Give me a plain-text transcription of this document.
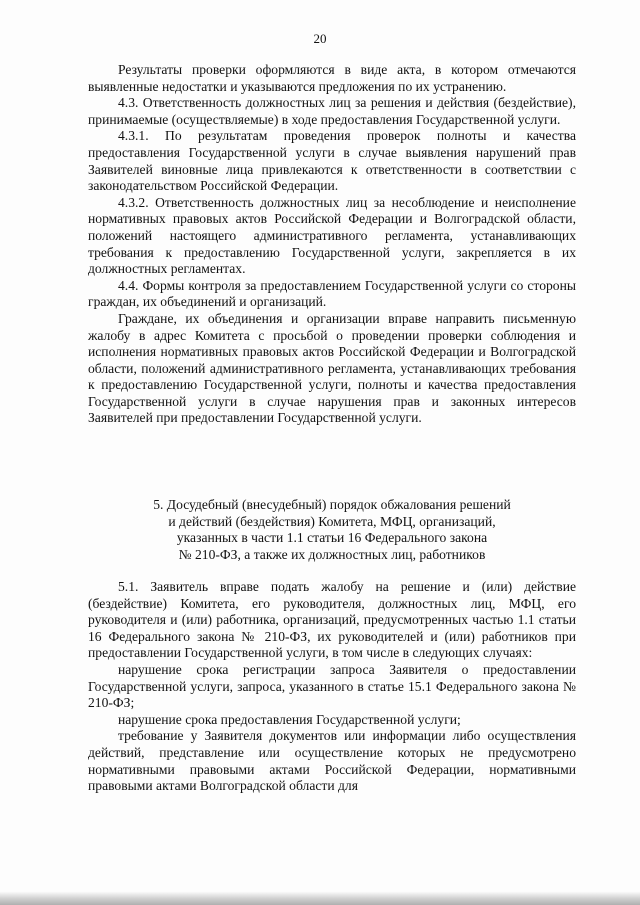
20

Результаты проверки оформляются в виде акта, в котором отмечаются выявленные недостатки и указываются предложения по их устранению.

4.3. Ответственность должностных лиц за решения и действия (бездействие), принимаемые (осуществляемые) в ходе предоставления Государственной услуги.

4.3.1. По результатам проведения проверок полноты и качества предоставления Государственной услуги в случае выявления нарушений прав Заявителей виновные лица привлекаются к ответственности в соответствии с законодательством Российской Федерации.

4.3.2. Ответственность должностных лиц за несоблюдение и неисполнение нормативных правовых актов Российской Федерации и Волгоградской области, положений настоящего административного регламента, устанавливающих требования к предоставлению Государственной услуги, закрепляется в их должностных регламентах.

4.4. Формы контроля за предоставлением Государственной услуги со стороны граждан, их объединений и организаций.

Граждане, их объединения и организации вправе направить письменную жалобу в адрес Комитета с просьбой о проведении проверки соблюдения и исполнения нормативных правовых актов Российской Федерации и Волгоградской области, положений административного регламента, устанавливающих требования к предоставлению Государственной услуги, полноты и качества предоставления Государственной услуги в случае нарушения прав и законных интересов Заявителей при предоставлении Государственной услуги.

5. Досудебный (внесудебный) порядок обжалования решений

и действий (бездействия) Комитета, МФЦ, организаций,

указанных в части 1.1 статьи 16 Федерального закона

№ 210-ФЗ, а также их должностных лиц, работников

5.1. Заявитель вправе подать жалобу на решение и (или) действие (бездействие) Комитета, его руководителя, должностных лиц, МФЦ, его руководителя и (или) работника, организаций, предусмотренных частью 1.1 статьи 16 Федерального закона № 210-ФЗ, их руководителей и (или) работников при предоставлении Государственной услуги, в том числе в следующих случаях:

нарушение срока регистрации запроса Заявителя о предоставлении Государственной услуги, запроса, указанного в статье 15.1 Федерального закона № 210-ФЗ;

нарушение срока предоставления Государственной услуги;

требование у Заявителя документов или информации либо осуществления действий, представление или осуществление которых не предусмотрено нормативными правовыми актами Российской Федерации, нормативными правовыми актами Волгоградской области для
